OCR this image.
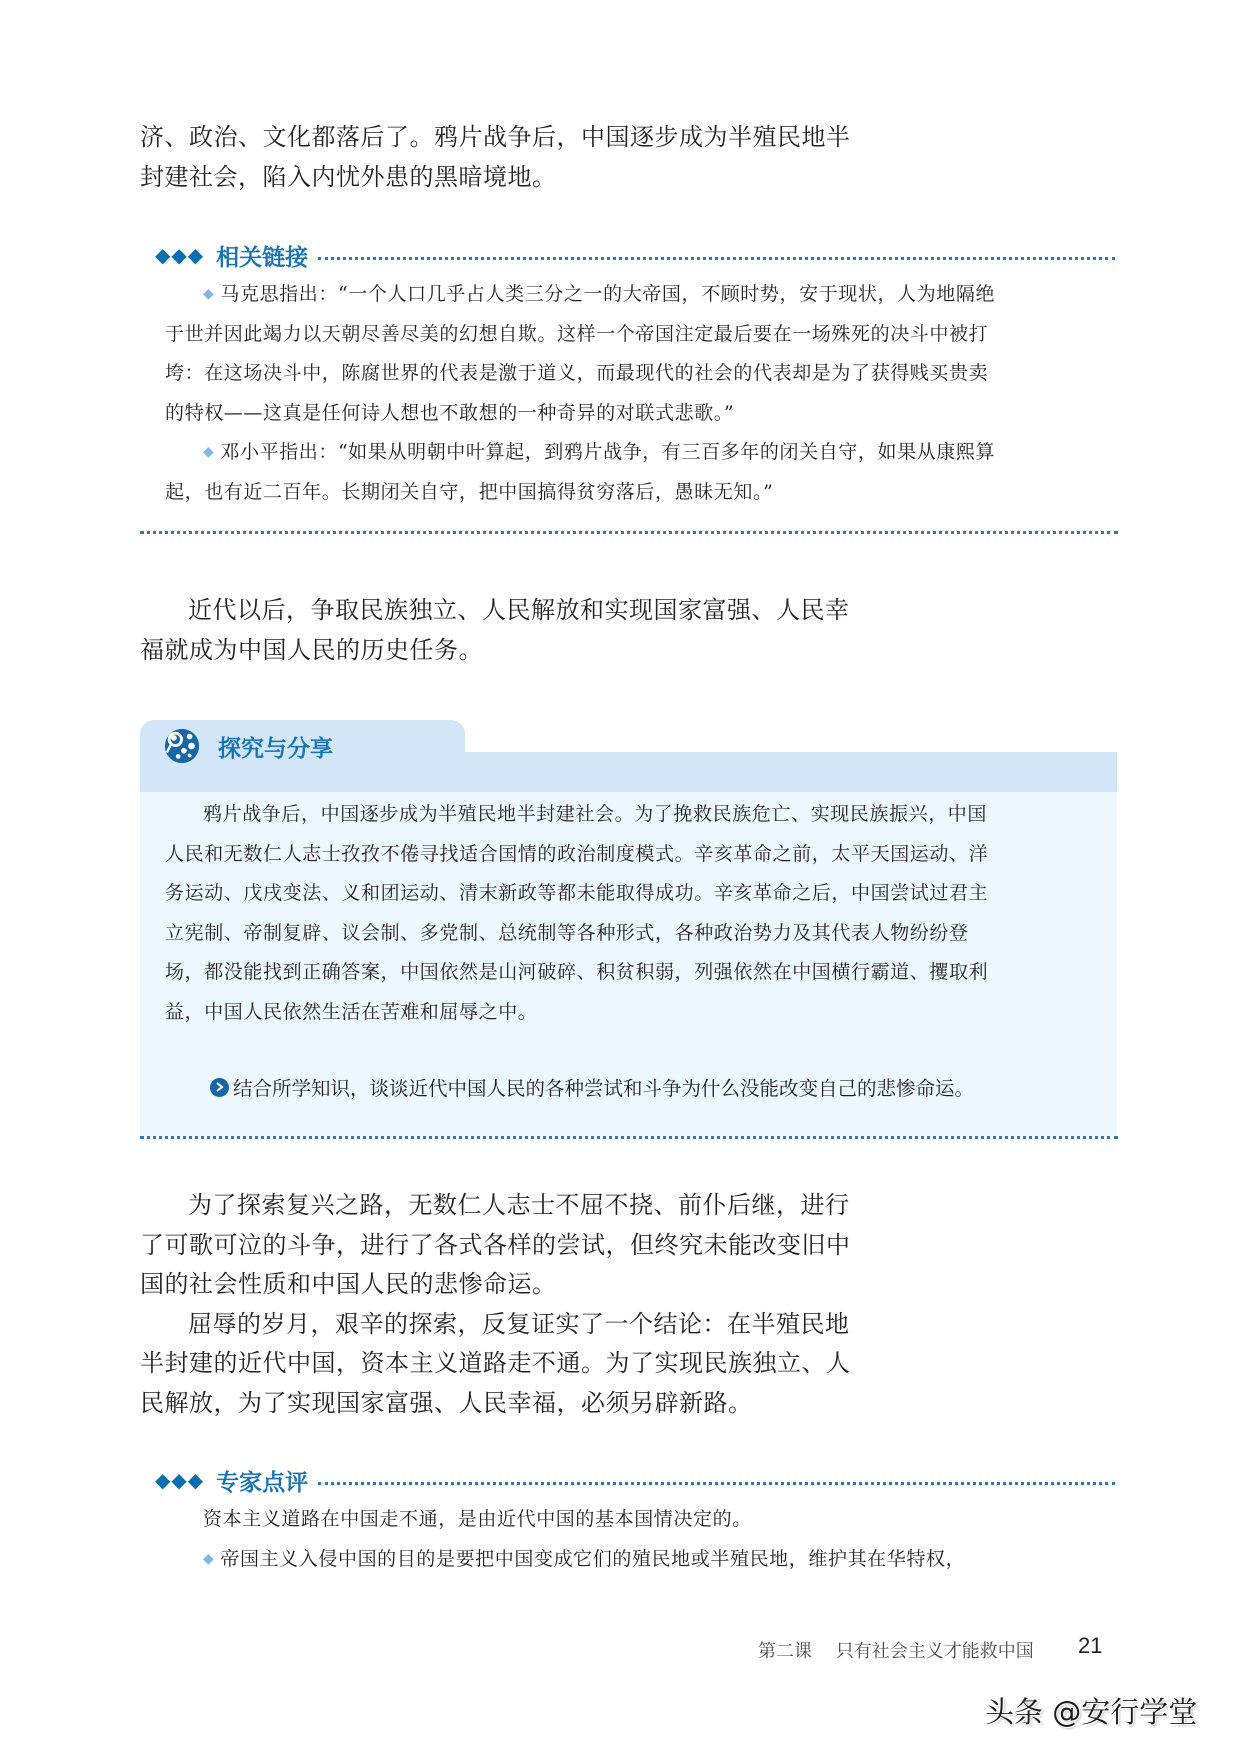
济、政治、文化都落后了。鸦片战争后，中国逐步成为半殖民地半

封建社会，陷入内忧外患的黑暗境地。

◆◆◆ 相关链接

◆ 马克思指出：“一个人口几乎占人类三分之一的大帝国，不顾时势，安于现状，人为地隔绝

于世并因此竭力以天朝尽善尽美的幻想自欺。这样一个帝国注定最后要在一场殊死的决斗中被打

垮：在这场决斗中，陈腐世界的代表是激于道义，而最现代的社会的代表却是为了获得贱买贵卖

的特权——这真是任何诗人想也不敢想的一种奇异的对联式悲歌。”

◆ 邓小平指出：“如果从明朝中叶算起，到鸦片战争，有三百多年的闭关自守，如果从康熙算

起，也有近二百年。长期闭关自守，把中国搞得贫穷落后，愚昧无知。”

近代以后，争取民族独立、人民解放和实现国家富强、人民幸

福就成为中国人民的历史任务。

探究与分享

鸦片战争后，中国逐步成为半殖民地半封建社会。为了挽救民族危亡、实现民族振兴，中国

人民和无数仁人志士孜孜不倦寻找适合国情的政治制度模式。辛亥革命之前，太平天国运动、洋

务运动、戊戌变法、义和团运动、清末新政等都未能取得成功。辛亥革命之后，中国尝试过君主

立宪制、帝制复辟、议会制、多党制、总统制等各种形式，各种政治势力及其代表人物纷纷登

场，都没能找到正确答案，中国依然是山河破碎、积贫积弱，列强依然在中国横行霸道、攫取利

益，中国人民依然生活在苦难和屈辱之中。

结合所学知识，谈谈近代中国人民的各种尝试和斗争为什么没能改变自己的悲惨命运。

为了探索复兴之路，无数仁人志士不屈不挠、前仆后继，进行

了可歌可泣的斗争，进行了各式各样的尝试，但终究未能改变旧中

国的社会性质和中国人民的悲惨命运。

屈辱的岁月，艰辛的探索，反复证实了一个结论：在半殖民地

半封建的近代中国，资本主义道路走不通。为了实现民族独立、人

民解放，为了实现国家富强、人民幸福，必须另辟新路。

◆◆◆ 专家点评

资本主义道路在中国走不通，是由近代中国的基本国情决定的。

◆ 帝国主义入侵中国的目的是要把中国变成它们的殖民地或半殖民地，维护其在华特权，

第二课 只有社会主义才能救中国 21
头条 @安行学堂
